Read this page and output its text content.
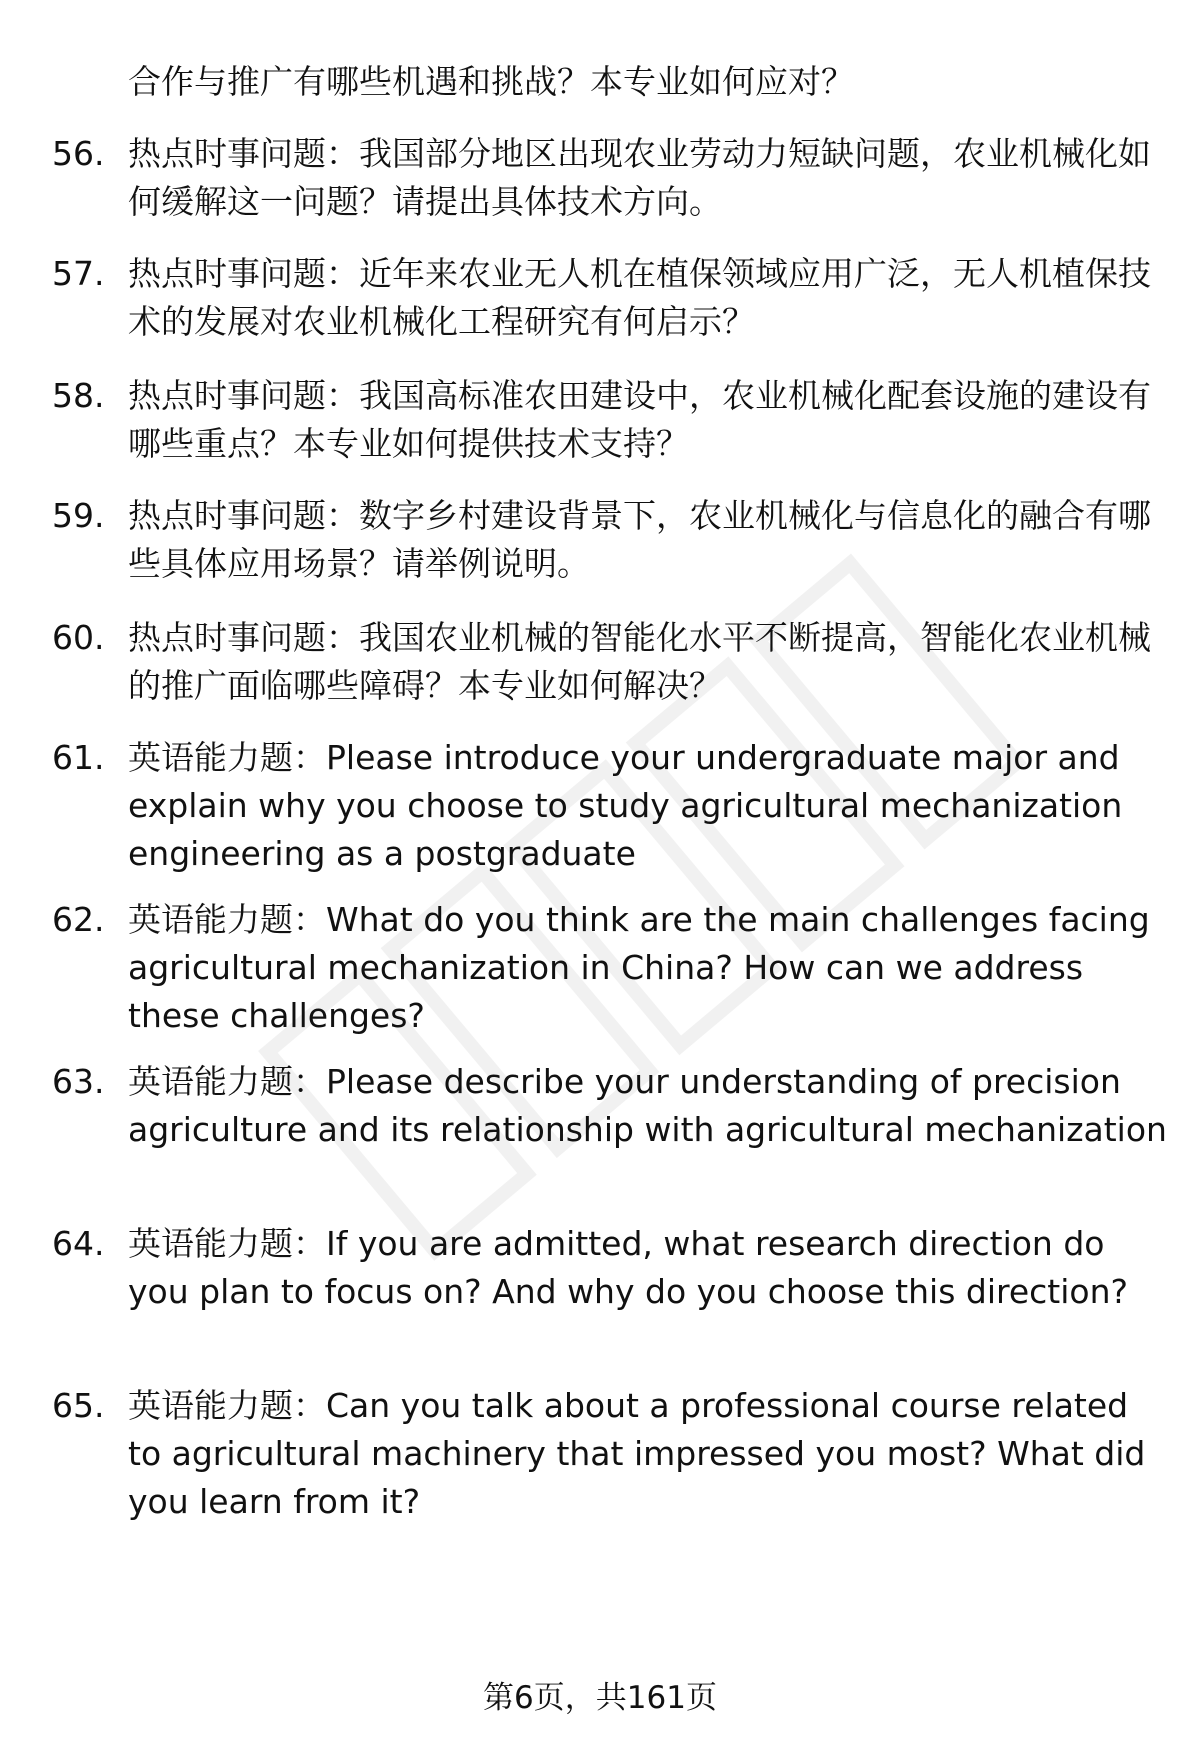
合作与推广有哪些机遇和挑战？本专业如何应对？
56. 热点时事问题：我国部分地区出现农业劳动力短缺问题，农业机械化如何缓解这一问题？请提出具体技术方向。
57. 热点时事问题：近年来农业无人机在植保领域应用广泛，无人机植保技术的发展对农业机械化工程研究有何启示？
58. 热点时事问题：我国高标准农田建设中，农业机械化配套设施的建设有哪些重点？本专业如何提供技术支持？
59. 热点时事问题：数字乡村建设背景下，农业机械化与信息化的融合有哪些具体应用场景？请举例说明。
60. 热点时事问题：我国农业机械的智能化水平不断提高，智能化农业机械的推广面临哪些障碍？本专业如何解决？
61. 英语能力题：Please introduce your undergraduate major and explain why you choose to study agricultural mechanization engineering as a postgraduate
62. 英语能力题：What do you think are the main challenges facing agricultural mechanization in China? How can we address these challenges?
63. 英语能力题：Please describe your understanding of precision agriculture and its relationship with agricultural mechanization
64. 英语能力题：If you are admitted, what research direction do you plan to focus on? And why do you choose this direction?
65. 英语能力题：Can you talk about a professional course related to agricultural machinery that impressed you most? What did you learn from it?
第6页，共161页
